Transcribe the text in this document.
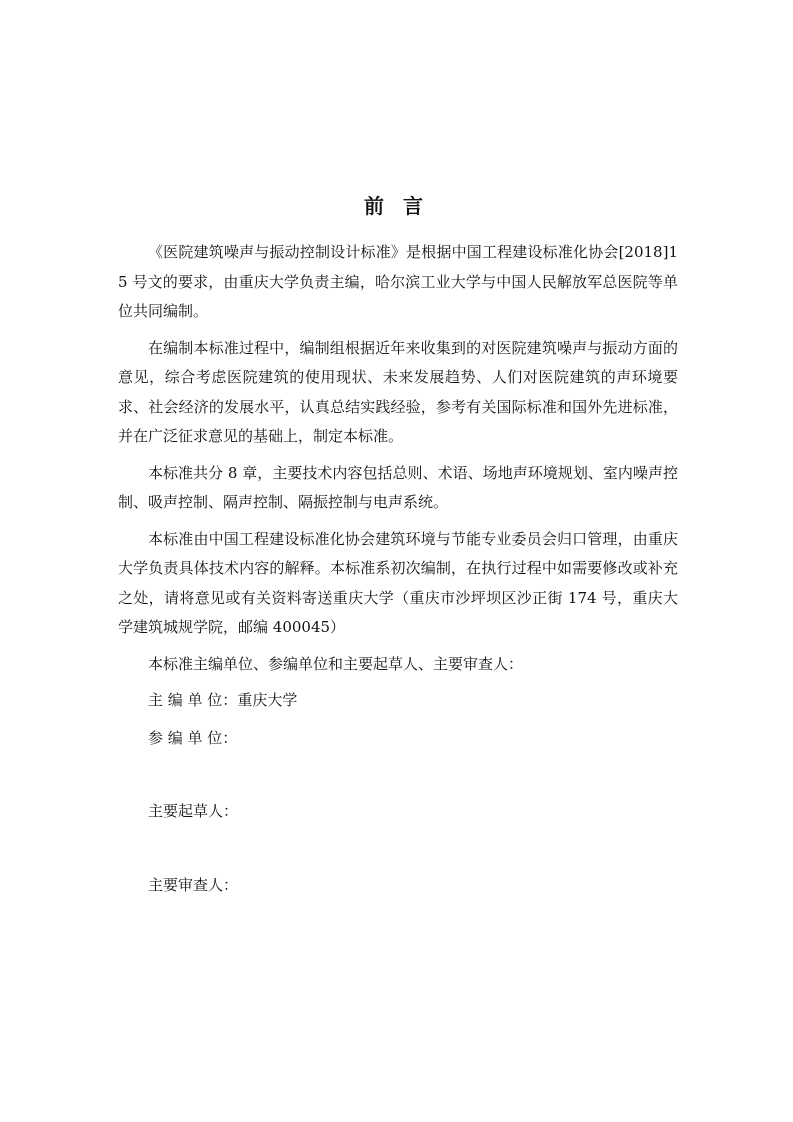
前 言

《医院建筑噪声与振动控制设计标准》是根据中国工程建设标准化协会[2018]15 号文的要求，由重庆大学负责主编，哈尔滨工业大学与中国人民解放军总医院等单位共同编制。

在编制本标准过程中，编制组根据近年来收集到的对医院建筑噪声与振动方面的意见，综合考虑医院建筑的使用现状、未来发展趋势、人们对医院建筑的声环境要求、社会经济的发展水平，认真总结实践经验，参考有关国际标准和国外先进标准，并在广泛征求意见的基础上，制定本标准。

本标准共分 8 章，主要技术内容包括总则、术语、场地声环境规划、室内噪声控制、吸声控制、隔声控制、隔振控制与电声系统。

本标准由中国工程建设标准化协会建筑环境与节能专业委员会归口管理，由重庆大学负责具体技术内容的解释。本标准系初次编制，在执行过程中如需要修改或补充之处，请将意见或有关资料寄送重庆大学（重庆市沙坪坝区沙正街 174 号，重庆大学建筑城规学院，邮编 400045）

本标准主编单位、参编单位和主要起草人、主要审查人：

主 编 单 位：重庆大学

参 编 单 位：

主要起草人：

主要审查人：
